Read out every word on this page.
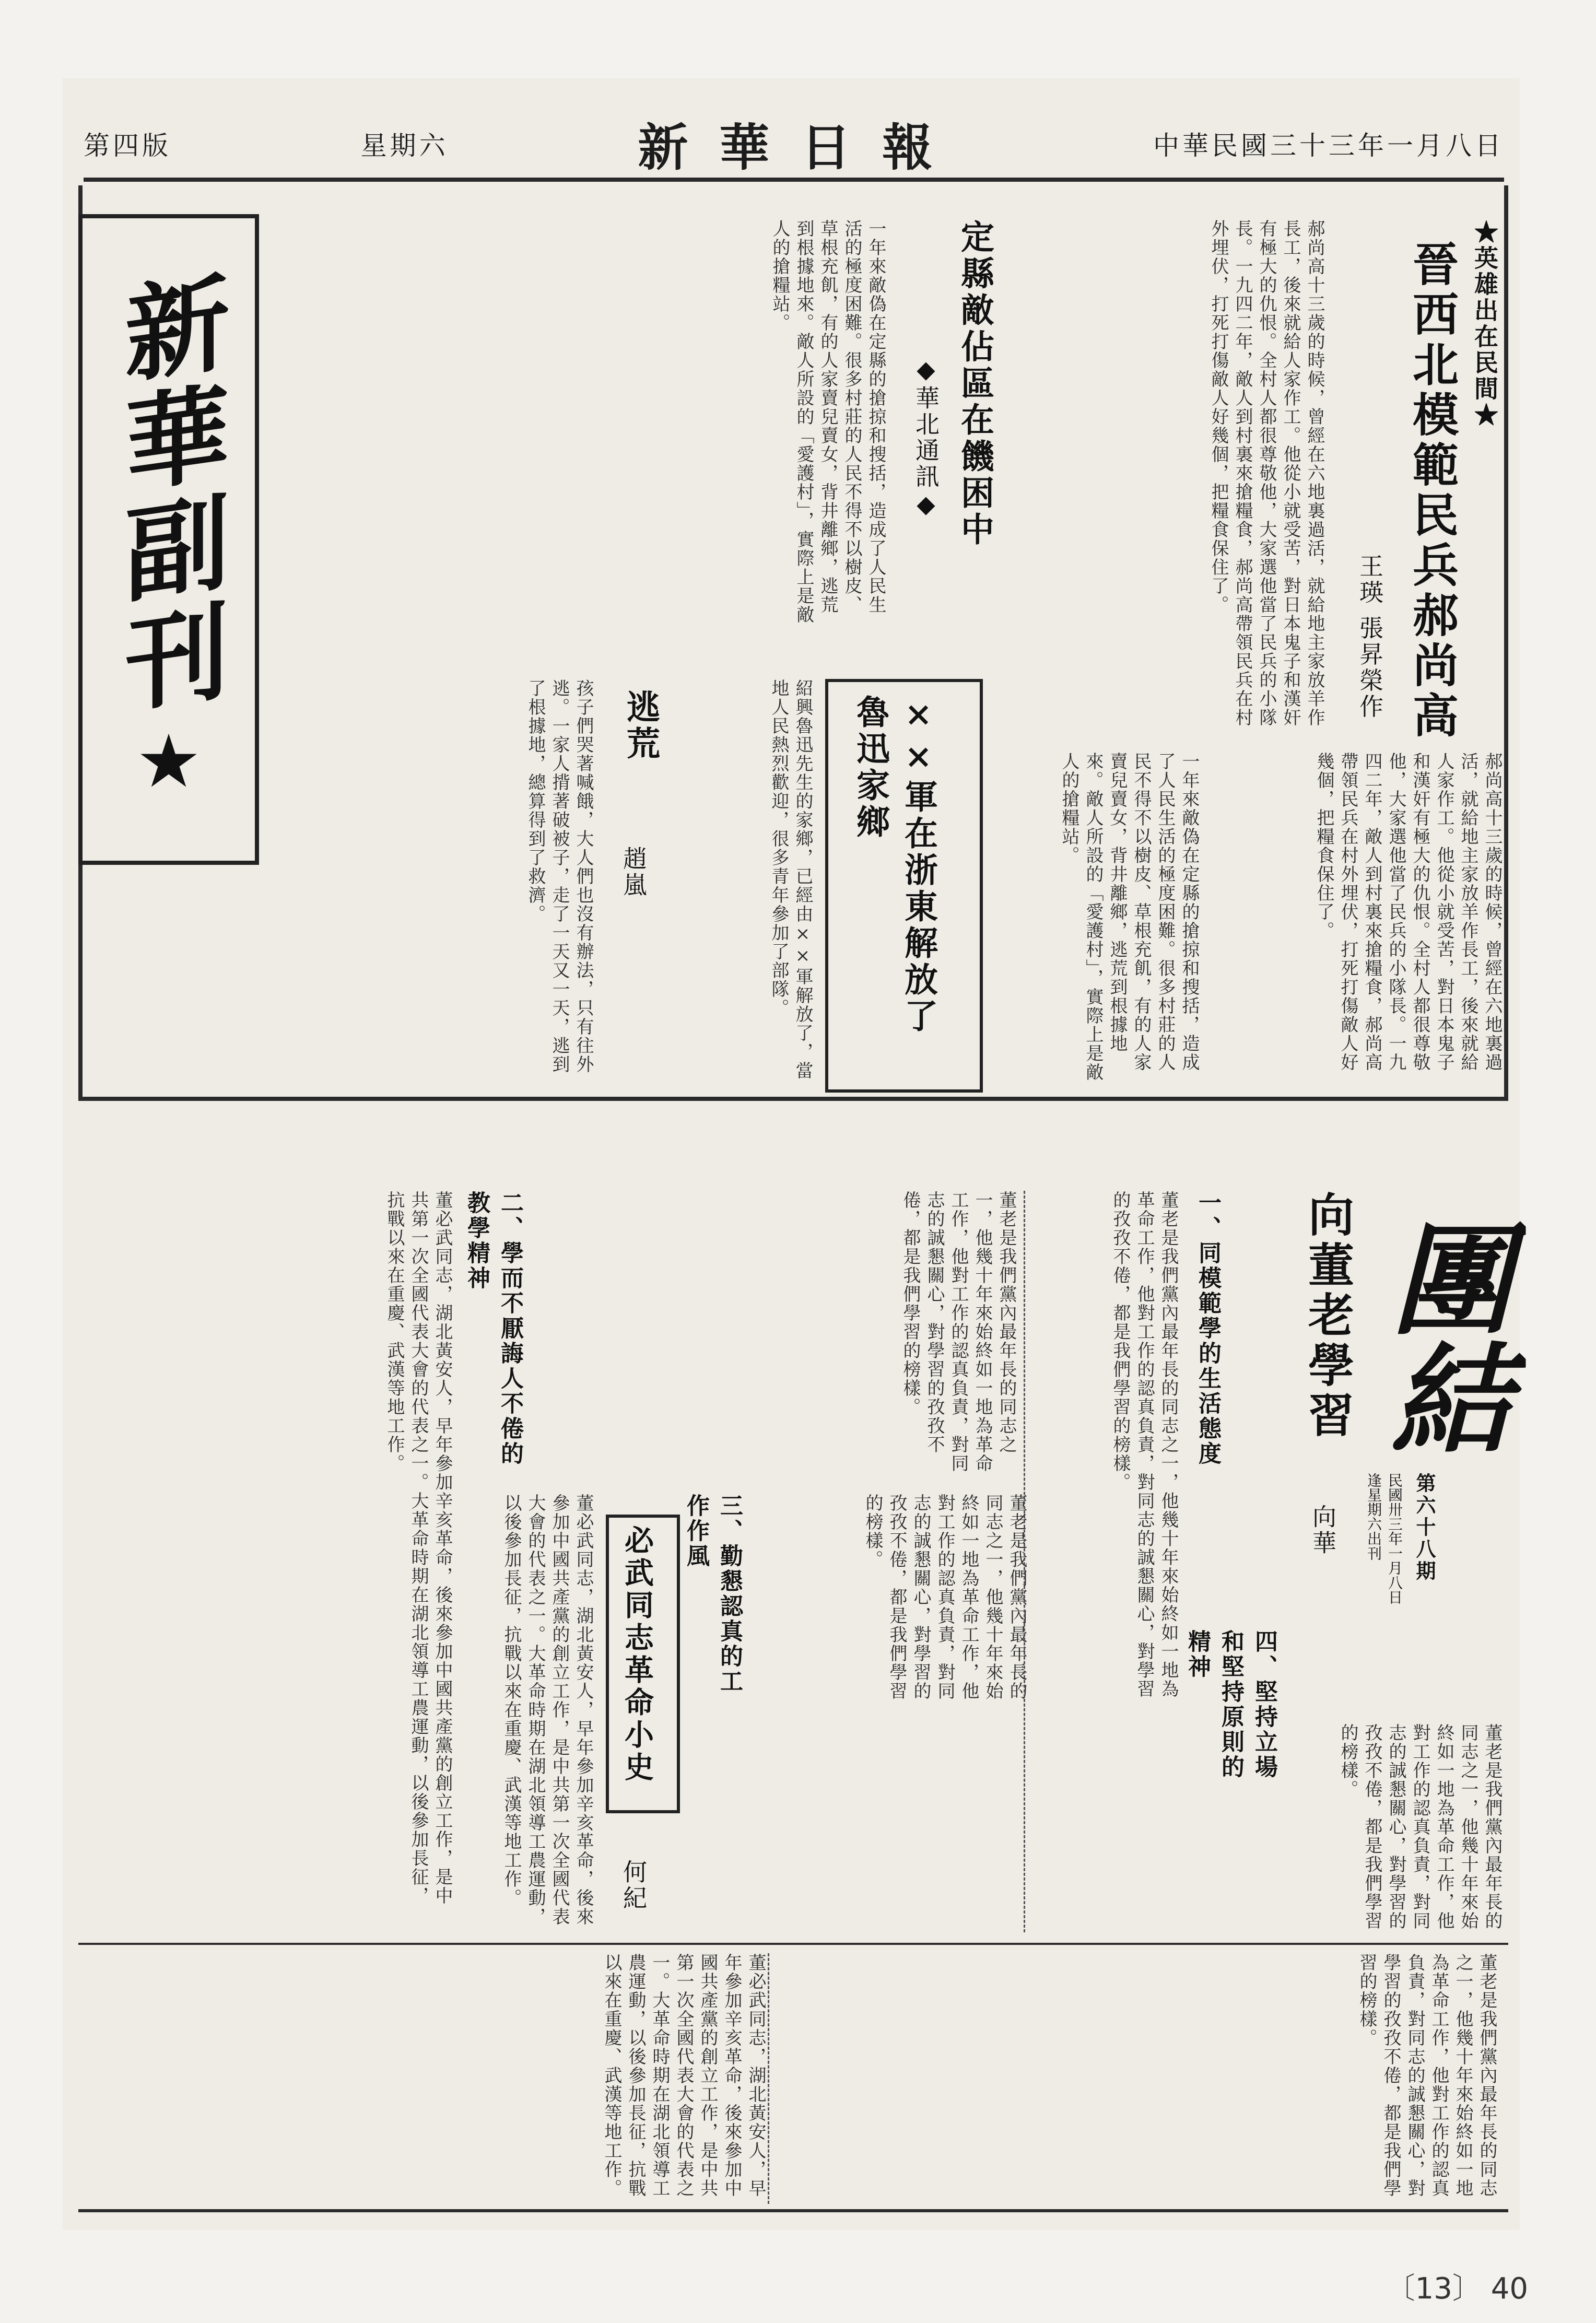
第四版	星期六	新華日報	中華民國三十三年一月八日
新華副刊
★
★英雄出在民間★
晉西北模範民兵郝尚高
王瑛 張昇榮作
郝尚高十三歲的時候，曾經在六地裏過活，就給地主家放羊作長工，後來就給人家作工。他從小就受苦，對日本鬼子和漢奸有極大的仇恨。全村人都很尊敬他，大家選他當了民兵的小隊長。一九四二年，敵人到村裏來搶糧食，郝尚高帶領民兵在村外埋伏，打死打傷敵人好幾個，把糧食保住了。
郝尚高十三歲的時候，曾經在六地裏過活，就給地主家放羊作長工，後來就給人家作工。他從小就受苦，對日本鬼子和漢奸有極大的仇恨。全村人都很尊敬他，大家選他當了民兵的小隊長。一九四二年，敵人到村裏來搶糧食，郝尚高帶領民兵在村外埋伏，打死打傷敵人好幾個，把糧食保住了。
定縣敵佔區在饑困中
◆華北通訊◆
一年來敵偽在定縣的搶掠和搜括，造成了人民生活的極度困難。很多村莊的人民不得不以樹皮、草根充飢，有的人家賣兒賣女，背井離鄉，逃荒到根據地來。敵人所設的「愛護村」，實際上是敵人的搶糧站。
××軍在浙東解放了魯迅家鄉
紹興魯迅先生的家鄉，已經由××軍解放了，當地人民熱烈歡迎，很多青年參加了部隊。	一年來敵偽在定縣的搶掠和搜括，造成了人民生活的極度困難。很多村莊的人民不得不以樹皮、草根充飢，有的人家賣兒賣女，背井離鄉，逃荒到根據地來。敵人所設的「愛護村」，實際上是敵人的搶糧站。
逃荒
趙嵐
孩子們哭著喊餓，大人們也沒有辦法，只有往外逃。一家人揹著破被子，走了一天又一天，逃到了根據地，總算得到了救濟。
團結
第六十八期
民國卅三年一月八日
逢星期六出刊
向董老學習
向華
一、同模範學的生活態度
董老是我們黨內最年長的同志之一，他幾十年來始終如一地為革命工作，他對工作的認真負責，對同志的誠懇關心，對學習的孜孜不倦，都是我們學習的榜樣。
二、學而不厭誨人不倦的教學精神	董老是我們黨內最年長的同志之一，他幾十年來始終如一地為革命工作，他對工作的認真負責，對同志的誠懇關心，對學習的孜孜不倦，都是我們學習的榜樣。
三、勤懇認真的工作作風	董老是我們黨內最年長的同志之一，他幾十年來始終如一地為革命工作，他對工作的認真負責，對同志的誠懇關心，對學習的孜孜不倦，都是我們學習的榜樣。
四、堅持立場和堅持原則的精神
董老是我們黨內最年長的同志之一，他幾十年來始終如一地為革命工作，他對工作的認真負責，對同志的誠懇關心，對學習的孜孜不倦，都是我們學習的榜樣。
必武同志革命小史
何紀
董必武同志，湖北黃安人，早年參加辛亥革命，後來參加中國共產黨的創立工作，是中共第一次全國代表大會的代表之一。大革命時期在湖北領導工農運動，以後參加長征，抗戰以來在重慶、武漢等地工作。
董必武同志，湖北黃安人，早年參加辛亥革命，後來參加中國共產黨的創立工作，是中共第一次全國代表大會的代表之一。大革命時期在湖北領導工農運動，以後參加長征，抗戰以來在重慶、武漢等地工作。
董必武同志，湖北黃安人，早年參加辛亥革命，後來參加中國共產黨的創立工作，是中共第一次全國代表大會的代表之一。大革命時期在湖北領導工農運動，以後參加長征，抗戰以來在重慶、武漢等地工作。	董老是我們黨內最年長的同志之一，他幾十年來始終如一地為革命工作，他對工作的認真負責，對同志的誠懇關心，對學習的孜孜不倦，都是我們學習的榜樣。
〔13〕 40
